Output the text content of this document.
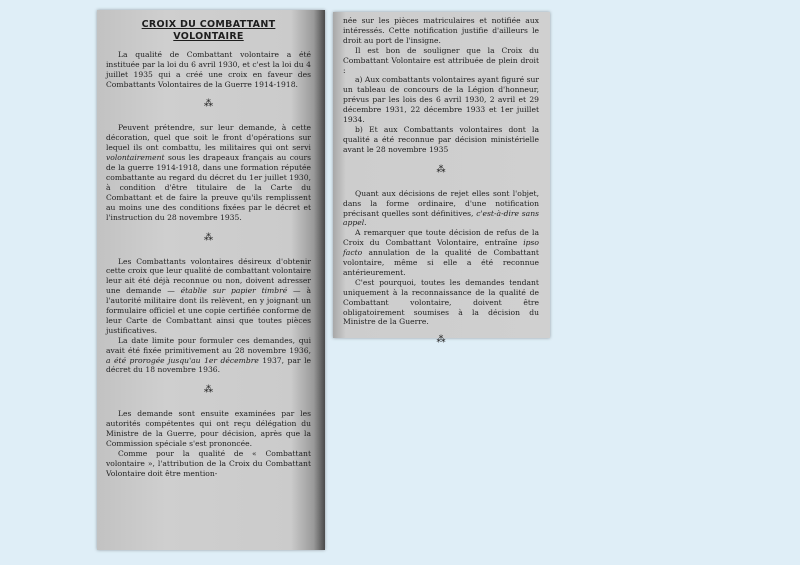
CROIX DU COMBATTANT
VOLONTAIRE

La qualité de Combattant volontaire a été instituée par la loi du 6 avril 1930, et c'est la loi du 4 juillet 1935 qui a créé une croix en faveur des Combattants Volontaires de la Guerre 1914-1918.

⁂

Peuvent prétendre, sur leur demande, à cette décoration, quel que soit le front d'opérations sur lequel ils ont combattu, les militaires qui ont servi volontairement sous les drapeaux français au cours de la guerre 1914-1918, dans une formation réputée combattante au regard du décret du 1er juillet 1930, à condition d'être titulaire de la Carte du Combattant et de faire la preuve qu'ils remplissent au moins une des conditions fixées par le décret et l'instruction du 28 novembre 1935.

⁂

Les Combattants volontaires désireux d'obtenir cette croix que leur qualité de combattant volontaire leur ait été déjà reconnue ou non, doivent adresser une demande — établie sur papier timbré — à l'autorité militaire dont ils relèvent, en y joignant un formulaire officiel et une copie certifiée conforme de leur Carte de Combattant ainsi que toutes pièces justificatives.

La date limite pour formuler ces demandes, qui avait été fixée primitivement au 28 novembre 1936, a été prorogée jusqu'au 1er décembre 1937, par le décret du 18 novembre 1936.

⁂

Les demande sont ensuite examinées par les autorités compétentes qui ont reçu délégation du Ministre de la Guerre, pour décision, après que la Commission spéciale s'est prononcée.

Comme pour la qualité de « Combattant volontaire », l'attribution de la Croix du Combattant Volontaire doit être mention-

née sur les pièces matriculaires et notifiée aux intéressés. Cette notification justifie d'ailleurs le droit au port de l'insigne.

Il est bon de souligner que la Croix du Combattant Volontaire est attribuée de plein droit :

a) Aux combattants volontaires ayant figuré sur un tableau de concours de la Légion d'honneur, prévus par les lois des 6 avril 1930, 2 avril et 29 décembre 1931, 22 décembre 1933 et 1er juillet 1934.

b) Et aux Combattants volontaires dont la qualité a été reconnue par décision ministérielle avant le 28 novembre 1935

⁂

Quant aux décisions de rejet elles sont l'objet, dans la forme ordinaire, d'une notification précisant quelles sont définitives, c'est-à-dire sans appel.

A remarquer que toute décision de refus de la Croix du Combattant Volontaire, entraîne ipso facto annulation de la qualité de Combattant volontaire, même si elle a été reconnue antérieurement.

C'est pourquoi, toutes les demandes tendant uniquement à la reconnaissance de la qualité de Combattant volontaire, doivent être obligatoirement soumises à la décision du Ministre de la Guerre.

⁂
